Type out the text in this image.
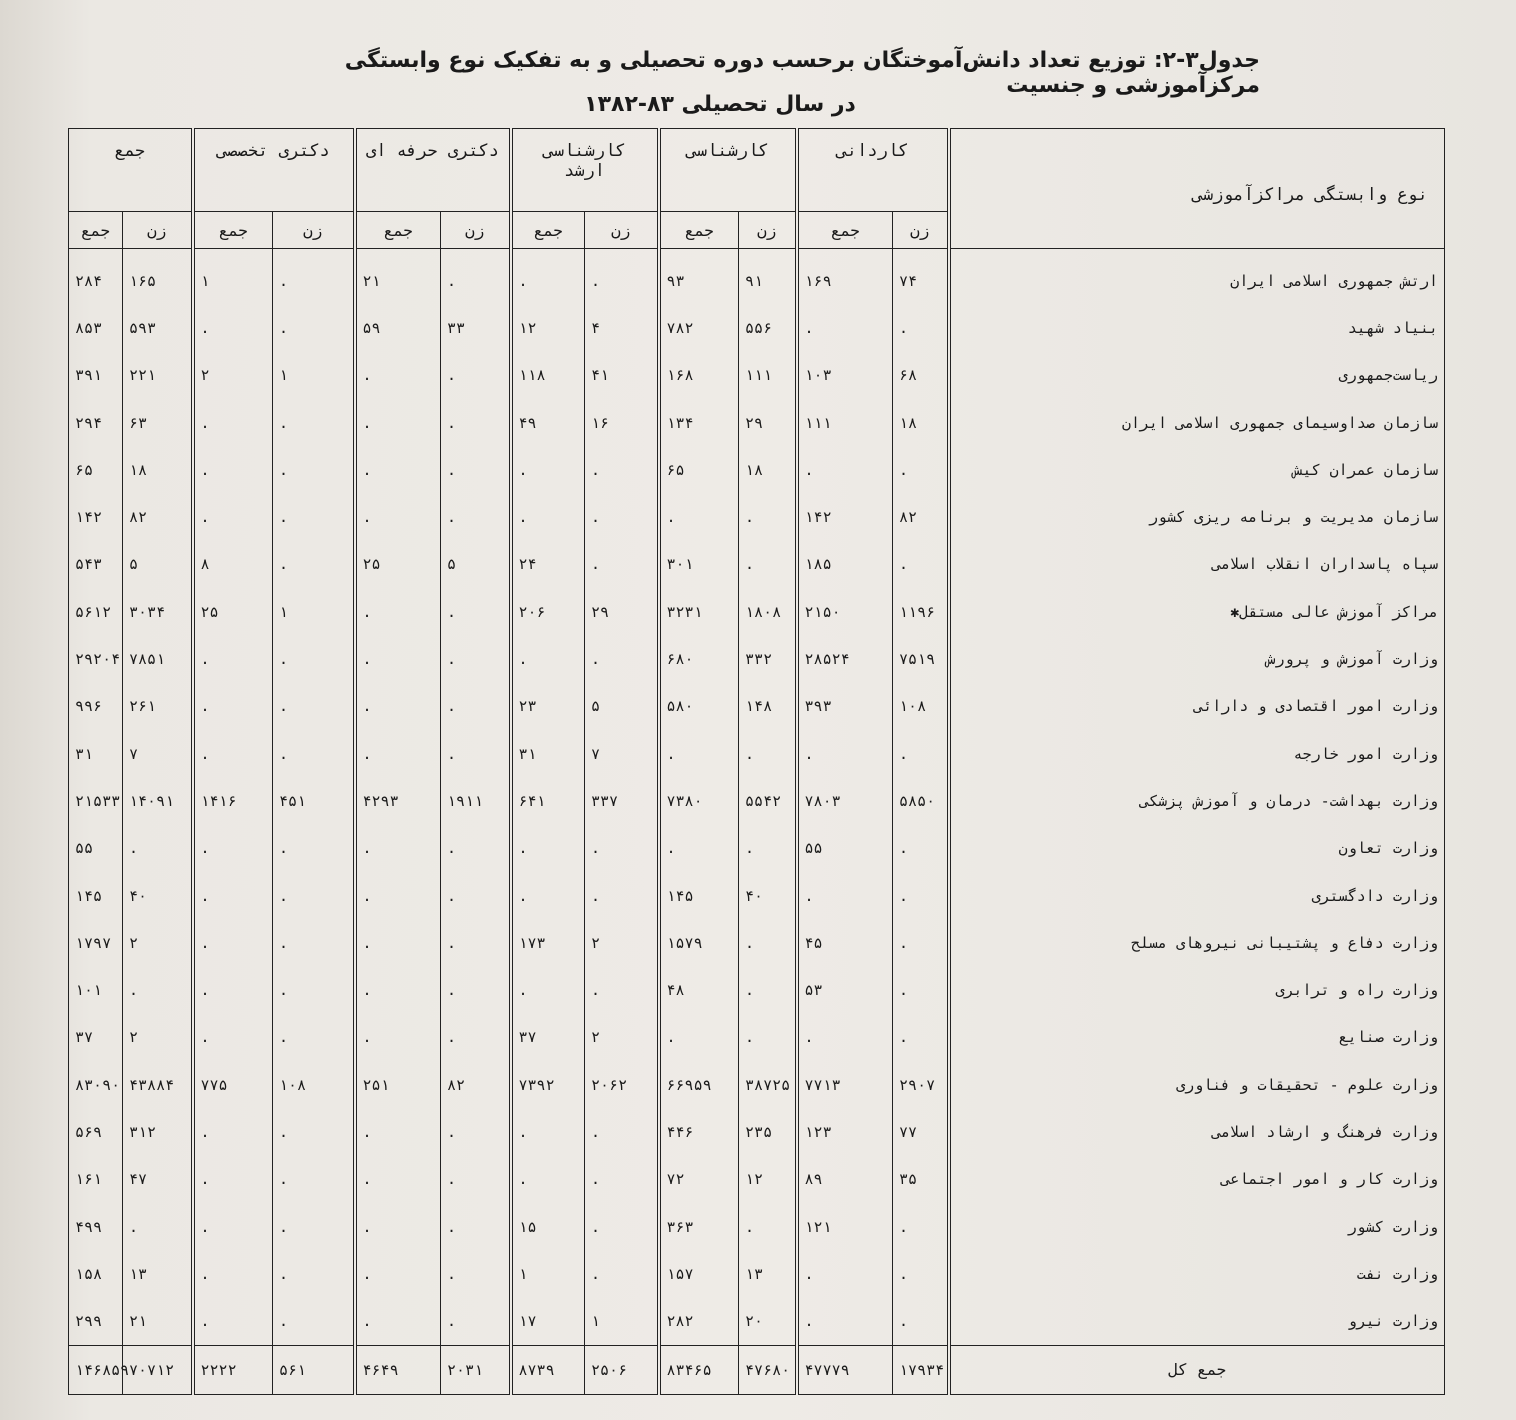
جدول۳-۲: توزیع تعداد دانش‌آموختگان برحسب دوره تحصیلی و به تفکیک نوع وابستگی مرکزآموزشی و جنسیت
در سال تحصیلی ۸۳-۱۳۸۲
نوع وابستگی مراکزآموزشی	کاردانی		کارشناسی		کارشناسی ارشد		دکتری حرفه ای		دکتری تخصصی		جمع	
	زن	جمع	زن	جمع	زن	جمع	زن	جمع	زن	جمع	زن	جمع
ارتش جمهوری اسلامی ایران	۷۴	۱۶۹	۹۱	۹۳	.	.	.	۲۱	.	۱	۱۶۵	۲۸۴
بنیاد شهید	.	.	۵۵۶	۷۸۲	۴	۱۲	۳۳	۵۹	.	.	۵۹۳	۸۵۳
ریاست‌جمهوری	۶۸	۱۰۳	۱۱۱	۱۶۸	۴۱	۱۱۸	.	.	۱	۲	۲۲۱	۳۹۱
سازمان صداوسیمای جمهوری اسلامی ایران	۱۸	۱۱۱	۲۹	۱۳۴	۱۶	۴۹	.	.	.	.	۶۳	۲۹۴
سازمان عمران کیش	.	.	۱۸	۶۵	.	.	.	.	.	.	۱۸	۶۵
سازمان مدیریت و برنامه ریزی کشور	۸۲	۱۴۲	.	.	.	.	.	.	.	.	۸۲	۱۴۲
سپاه پاسداران انقلاب اسلامی	.	۱۸۵	.	۳۰۱	.	۲۴	۵	۲۵	.	۸	۵	۵۴۳
مراکز آموزش عالی مستقل✱	۱۱۹۶	۲۱۵۰	۱۸۰۸	۳۲۳۱	۲۹	۲۰۶	.	.	۱	۲۵	۳۰۳۴	۵۶۱۲
وزارت آموزش و پرورش	۷۵۱۹	۲۸۵۲۴	۳۳۲	۶۸۰	.	.	.	.	.	.	۷۸۵۱	۲۹۲۰۴
وزارت امور اقتصادی و دارائی	۱۰۸	۳۹۳	۱۴۸	۵۸۰	۵	۲۳	.	.	.	.	۲۶۱	۹۹۶
وزارت امور خارجه	.	.	.	.	۷	۳۱	.	.	.	.	۷	۳۱
وزارت بهداشت- درمان و آموزش پزشکی	۵۸۵۰	۷۸۰۳	۵۵۴۲	۷۳۸۰	۳۳۷	۶۴۱	۱۹۱۱	۴۲۹۳	۴۵۱	۱۴۱۶	۱۴۰۹۱	۲۱۵۳۳
وزارت تعاون	.	۵۵	.	.	.	.	.	.	.	.	.	۵۵
وزارت دادگستری	.	.	۴۰	۱۴۵	.	.	.	.	.	.	۴۰	۱۴۵
وزارت دفاع و پشتیبانی نیروهای مسلح	.	۴۵	.	۱۵۷۹	۲	۱۷۳	.	.	.	.	۲	۱۷۹۷
وزارت راه و ترابری	.	۵۳	.	۴۸	.	.	.	.	.	.	.	۱۰۱
وزارت صنایع	.	.	.	.	۲	۳۷	.	.	.	.	۲	۳۷
وزارت علوم - تحقیقات و فناوری	۲۹۰۷	۷۷۱۳	۳۸۷۲۵	۶۶۹۵۹	۲۰۶۲	۷۳۹۲	۸۲	۲۵۱	۱۰۸	۷۷۵	۴۳۸۸۴	۸۳۰۹۰
وزارت فرهنگ و ارشاد اسلامی	۷۷	۱۲۳	۲۳۵	۴۴۶	.	.	.	.	.	.	۳۱۲	۵۶۹
وزارت کار و امور اجتماعی	۳۵	۸۹	۱۲	۷۲	.	.	.	.	.	.	۴۷	۱۶۱
وزارت کشور	.	۱۲۱	.	۳۶۳	.	۱۵	.	.	.	.	.	۴۹۹
وزارت نفت	.	.	۱۳	۱۵۷	.	۱	.	.	.	.	۱۳	۱۵۸
وزارت نیرو	.	.	۲۰	۲۸۲	۱	۱۷	.	.	.	.	۲۱	۲۹۹
جمع کل	۱۷۹۳۴	۴۷۷۷۹	۴۷۶۸۰	۸۳۴۶۵	۲۵۰۶	۸۷۳۹	۲۰۳۱	۴۶۴۹	۵۶۱	۲۲۲۲	۷۰۷۱۲	۱۴۶۸۵۹
